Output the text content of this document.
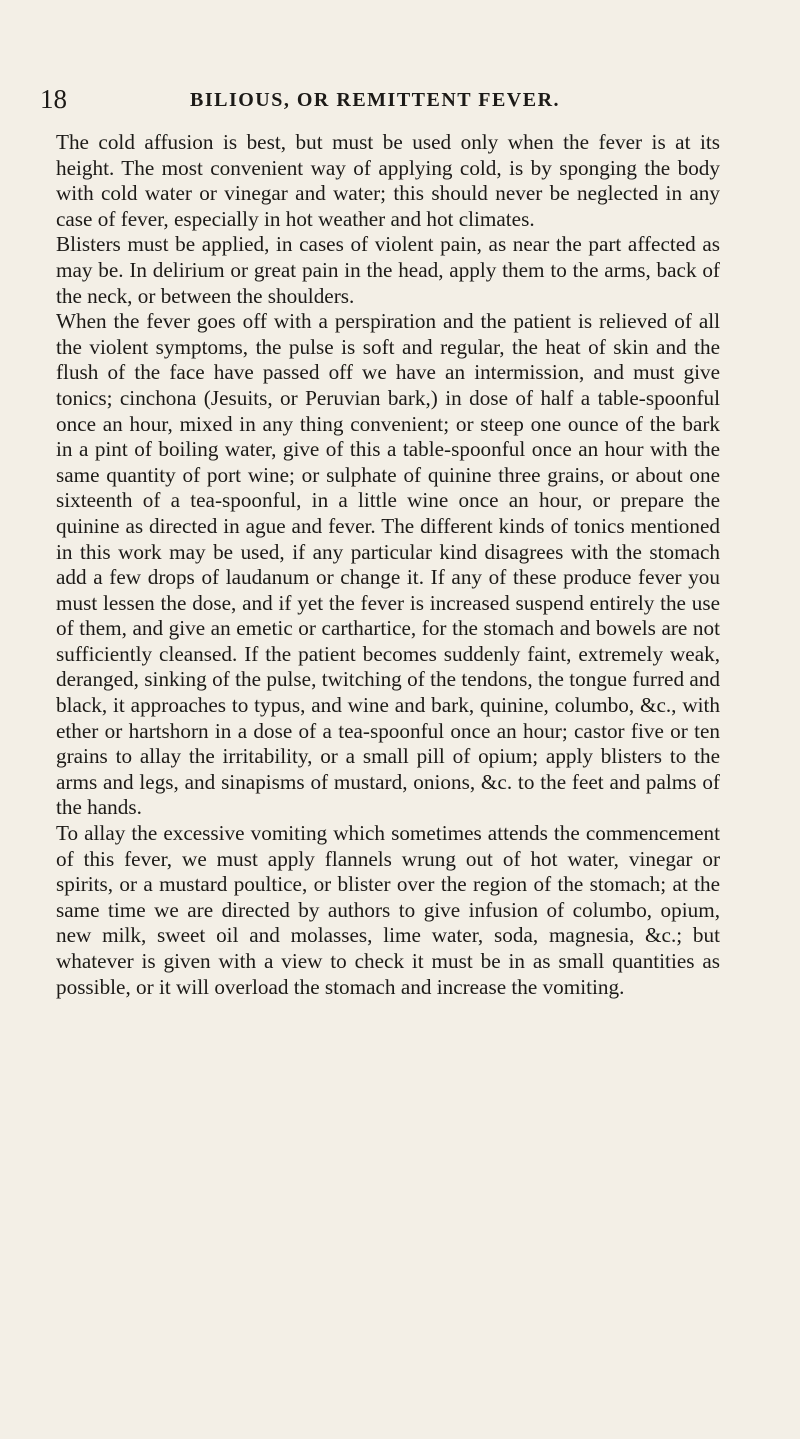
18	BILIOUS, OR REMITTENT FEVER.

The cold affusion is best, but must be used only when the fever is at its height. The most convenient way of applying cold, is by sponging the body with cold water or vinegar and water; this should never be neglected in any case of fever, especially in hot weather and hot climates.

Blisters must be applied, in cases of violent pain, as near the part affected as may be. In delirium or great pain in the head, apply them to the arms, back of the neck, or between the shoulders.

When the fever goes off with a perspiration and the patient is relieved of all the violent symptoms, the pulse is soft and regular, the heat of skin and the flush of the face have passed off we have an intermission, and must give tonics; cinchona (Jesuits, or Peruvian bark,) in dose of half a table-spoonful once an hour, mixed in any thing convenient; or steep one ounce of the bark in a pint of boiling water, give of this a table-spoonful once an hour with the same quantity of port wine; or sulphate of quinine three grains, or about one sixteenth of a tea-spoonful, in a little wine once an hour, or prepare the quinine as directed in ague and fever. The different kinds of tonics mentioned in this work may be used, if any particular kind disagrees with the stomach add a few drops of laudanum or change it. If any of these produce fever you must lessen the dose, and if yet the fever is increased suspend entirely the use of them, and give an emetic or carthartice, for the stomach and bowels are not sufficiently cleansed. If the patient becomes suddenly faint, extremely weak, deranged, sinking of the pulse, twitching of the tendons, the tongue furred and black, it approaches to typus, and wine and bark, quinine, columbo, &c., with ether or hartshorn in a dose of a tea-spoonful once an hour; castor five or ten grains to allay the irritability, or a small pill of opium; apply blisters to the arms and legs, and sinapisms of mustard, onions, &c. to the feet and palms of the hands.

To allay the excessive vomiting which sometimes attends the commencement of this fever, we must apply flannels wrung out of hot water, vinegar or spirits, or a mustard poultice, or blister over the region of the stomach; at the same time we are directed by authors to give infusion of columbo, opium, new milk, sweet oil and molasses, lime water, soda, magnesia, &c.; but whatever is given with a view to check it must be in as small quantities as possible, or it will overload the stomach and increase the vomiting.
